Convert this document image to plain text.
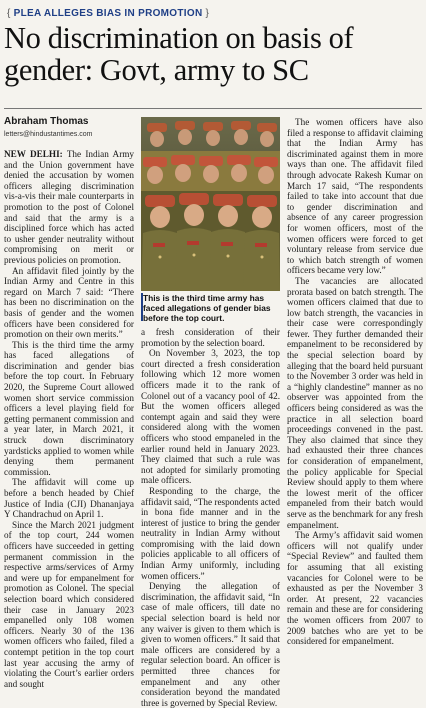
{ PLEA ALLEGES BIAS IN PROMOTION }
No discrimination on basis of gender: Govt, army to SC
Abraham Thomas
letters@hindustantimes.com

NEW DELHI: The Indian Army and the Union government have denied the accusation by women officers alleging discrimination vis-a-vis their male counterparts in promotion to the post of Colonel and said that the army is a disciplined force which has acted to usher gender neutrality without compromising on merit or previous policies on promotion.

An affidavit filed jointly by the Indian Army and Centre in this regard on March 7 said: “There has been no discrimination on the basis of gender and the women officers have been considered for promotion on their own merits.”

This is the third time the army has faced allegations of discrimination and gender bias before the top court. In February 2020, the Supreme Court allowed women short service commission officers a level playing field for getting permanent commission and a year later, in March 2021, it struck down discriminatory yardsticks applied to women while denying them permanent commission.

The affidavit will come up before a bench headed by Chief Justice of India (CJI) Dhananjaya Y Chandrachud on April 1.

Since the March 2021 judgment of the top court, 244 women officers have succeeded in getting permanent commission in the respective arms/services of Army and were up for empanelment for promotion as Colonel. The special selection board which considered their case in January 2023 empanelled only 108 women officers. Nearly 30 of the 136 women officers who failed, filed a contempt petition in the top court last year accusing the army of violating the Court’s earlier orders and sought

This is the third time army has faced allegations of gender bias before the top court.

a fresh consideration of their promotion by the selection board.

On November 3, 2023, the top court directed a fresh consideration following which 12 more women officers made it to the rank of Colonel out of a vacancy pool of 42. But the women officers alleged contempt again and said they were considered along with the women officers who stood empaneled in the earlier round held in January 2023. They claimed that such a rule was not adopted for similarly promoting male officers.

Responding to the charge, the affidavit said, “The respondents acted in bona fide manner and in the interest of justice to bring the gender neutrality in Indian Army without compromising with the laid down policies applicable to all officers of Indian Army uniformly, including women officers.”

Denying the allegation of discrimination, the affidavit said, “In case of male officers, till date no special selection board is held nor any waiver is given to them which is given to women officers.” It said that male officers are considered by a regular selection board. An officer is permitted three chances for empanelment and any other consideration beyond the mandated three is governed by Special Review.

The women officers have also filed a response to affidavit claiming that the Indian Army has discriminated against them in more ways than one. The affidavit filed through advocate Rakesh Kumar on March 17 said, “The respondents failed to take into account that due to gender discrimination and absence of any career progression for women officers, most of the women officers were forced to get voluntary release from service due to which batch strength of women officers became very low.”

The vacancies are allocated prorata based on batch strength. The women officers claimed that due to low batch strength, the vacancies in their case were correspondingly fewer. They further demanded their empanelment to be reconsidered by the special selection board by alleging that the board held pursuant to the November 3 order was held in a “highly clandestine” manner as no observer was appointed from the officers being considered as was the practice in all selection board proceedings convened in the past. They also claimed that since they had exhausted their three chances for consideration of empanelment, the policy applicable for Special Review should apply to them where the lowest merit of the officer empaneled from their batch would serve as the benchmark for any fresh empanelment.

The Army’s affidavit said women officers will not qualify under “Special Review” and faulted them for assuming that all existing vacancies for Colonel were to be exhausted as per the November 3 order. At present, 22 vacancies remain and these are for considering the women officers from 2007 to 2009 batches who are yet to be considered for empanelment.
